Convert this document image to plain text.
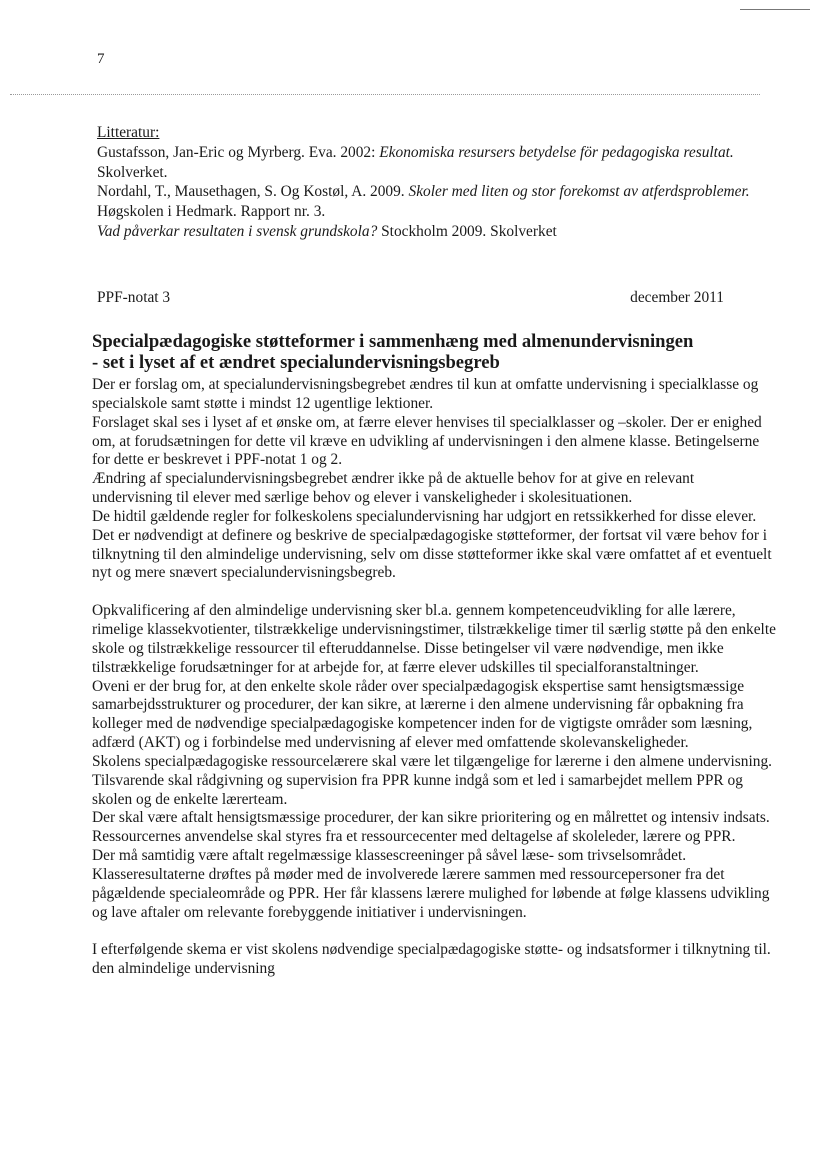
7
Litteratur:
Gustafsson, Jan-Eric og Myrberg. Eva. 2002: Ekonomiska resursers betydelse för pedagogiska resultat. Skolverket.
Nordahl, T., Mausethagen, S. Og Kostøl, A. 2009. Skoler med liten og stor forekomst av atferdsproblemer. Høgskolen i Hedmark. Rapport nr. 3.
Vad påverkar resultaten i svensk grundskola? Stockholm 2009. Skolverket
PPF-notat 3	december 2011
Specialpædagogiske støtteformer i sammenhæng med almenundervisningen
- set i lyset af et ændret specialundervisningsbegreb

Der er forslag om, at specialundervisningsbegrebet ændres til kun at omfatte undervisning i specialklasse og specialskole samt støtte i mindst 12 ugentlige lektioner.

Forslaget skal ses i lyset af et ønske om, at færre elever henvises til specialklasser og –skoler. Der er enighed om, at forudsætningen for dette vil kræve en udvikling af undervisningen i den almene klasse. Betingelserne for dette er beskrevet i PPF-notat 1 og 2.

Ændring af specialundervisningsbegrebet ændrer ikke på de aktuelle behov for at give en relevant undervisning til elever med særlige behov og elever i vanskeligheder i skolesituationen.

De hidtil gældende regler for folkeskolens specialundervisning har udgjort en retssikkerhed for disse elever. Det er nødvendigt at definere og beskrive de specialpædagogiske støtteformer, der fortsat vil være behov for i tilknytning til den almindelige undervisning, selv om disse støtteformer ikke skal være omfattet af et eventuelt nyt og mere snævert specialundervisningsbegreb.

Opkvalificering af den almindelige undervisning sker bl.a. gennem kompetenceudvikling for alle lærere, rimelige klassekvotienter, tilstrækkelige undervisningstimer, tilstrækkelige timer til særlig støtte på den enkelte skole og tilstrækkelige ressourcer til efteruddannelse. Disse betingelser vil være nødvendige, men ikke tilstrækkelige forudsætninger for at arbejde for, at færre elever udskilles til specialforanstaltninger.

Oveni er der brug for, at den enkelte skole råder over specialpædagogisk ekspertise samt hensigtsmæssige samarbejdsstrukturer og procedurer, der kan sikre, at lærerne i den almene undervisning får opbakning fra kolleger med de nødvendige specialpædagogiske kompetencer inden for de vigtigste områder som læsning, adfærd (AKT) og i forbindelse med undervisning af elever med omfattende skolevanskeligheder.

Skolens specialpædagogiske ressourcelærere skal være let tilgængelige for lærerne i den almene undervisning. Tilsvarende skal rådgivning og supervision fra PPR kunne indgå som et led i samarbejdet mellem PPR og skolen og de enkelte lærerteam.

Der skal være aftalt hensigtsmæssige procedurer, der kan sikre prioritering og en målrettet og intensiv indsats. Ressourcernes anvendelse skal styres fra et ressourcecenter med deltagelse af skoleleder, lærere og PPR.

Der må samtidig være aftalt regelmæssige klassescreeninger på såvel læse- som trivselsområdet. Klasseresultaterne drøftes på møder med de involverede lærere sammen med ressourcepersoner fra det pågældende specialeområde og PPR. Her får klassens lærere mulighed for løbende at følge klassens udvikling og lave aftaler om relevante forebyggende initiativer i undervisningen.

I efterfølgende skema er vist skolens nødvendige specialpædagogiske støtte- og indsatsformer i tilknytning til. den almindelige undervisning
